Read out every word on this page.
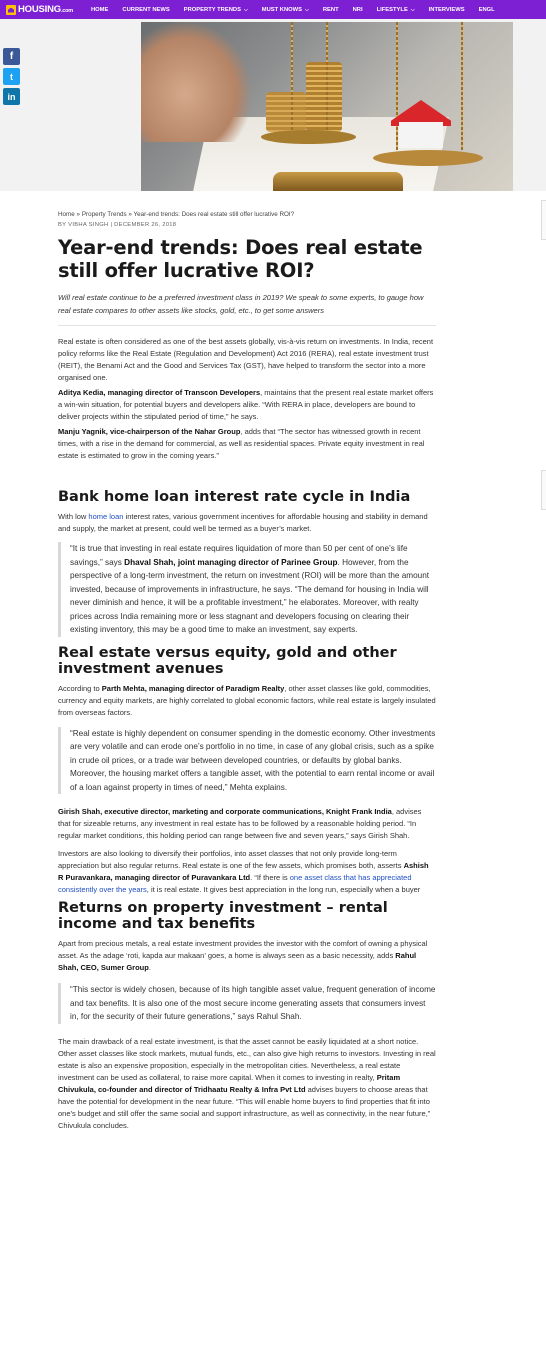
HOUSING.com	HOME CURRENT NEWS PROPERTY TRENDS ⌵ MUST KNOWS ⌵ RENT NRI LIFESTYLE ⌵ INTERVIEWS ENGL
f
t
in
Home » Property Trends » Year-end trends: Does real estate still offer lucrative ROI?
BY VIBHA SINGH | DECEMBER 26, 2018
Year-end trends: Does real estate still offer lucrative ROI?
Will real estate continue to be a preferred investment class in 2019? We speak to some experts, to gauge how real estate compares to other assets like stocks, gold, etc., to get some answers

Real estate is often considered as one of the best assets globally, vis-à-vis return on investments. In India, recent policy reforms like the Real Estate (Regulation and Development) Act 2016 (RERA), real estate investment trust (REIT), the Benami Act and the Good and Services Tax (GST), have helped to transform the sector into a more organised one.

Aditya Kedia, managing director of Transcon Developers, maintains that the present real estate market offers a win-win situation, for potential buyers and developers alike. “With RERA in place, developers are bound to deliver projects within the stipulated period of time,” he says.

Manju Yagnik, vice-chairperson of the Nahar Group, adds that “The sector has witnessed growth in recent times, with a rise in the demand for commercial, as well as residential spaces. Private equity investment in real estate is estimated to grow in the coming years.”

Bank home loan interest rate cycle in India

With low home loan interest rates, various government incentives for affordable housing and stability in demand and supply, the market at present, could well be termed as a buyer’s market.

“It is true that investing in real estate requires liquidation of more than 50 per cent of one’s life savings,” says Dhaval Shah, joint managing director of Parinee Group. However, from the perspective of a long-term investment, the return on investment (ROI) will be more than the amount invested, because of improvements in infrastructure, he says. “The demand for housing in India will never diminish and hence, it will be a profitable investment,” he elaborates. Moreover, with realty prices across India remaining more or less stagnant and developers focusing on clearing their existing inventory, this may be a good time to make an investment, say experts.
Real estate versus equity, gold and other investment avenues

According to Parth Mehta, managing director of Paradigm Realty, other asset classes like gold, commodities, currency and equity markets, are highly correlated to global economic factors, while real estate is largely insulated from overseas factors.

“Real estate is highly dependent on consumer spending in the domestic economy. Other investments are very volatile and can erode one’s portfolio in no time, in case of any global crisis, such as a spike in crude oil prices, or a trade war between developed countries, or defaults by global banks. Moreover, the housing market offers a tangible asset, with the potential to earn rental income or avail of a loan against property in times of need,” Mehta explains.

Girish Shah, executive director, marketing and corporate communications, Knight Frank India, advises that for sizeable returns, any investment in real estate has to be followed by a reasonable holding period. “In regular market conditions, this holding period can range between five and seven years,” says Girish Shah.

Investors are also looking to diversify their portfolios, into asset classes that not only provide long-term appreciation but also regular returns. Real estate is one of the few assets, which promises both, asserts Ashish R Puravankara, managing director of Puravankara Ltd. “If there is one asset class that has appreciated consistently over the years, it is real estate. It gives best appreciation in the long run, especially when a buyer

Returns on property investment – rental income and tax benefits

Apart from precious metals, a real estate investment provides the investor with the comfort of owning a physical asset. As the adage ‘roti, kapda aur makaan’ goes, a home is always seen as a basic necessity, adds Rahul Shah, CEO, Sumer Group.

“This sector is widely chosen, because of its high tangible asset value, frequent generation of income and tax benefits. It is also one of the most secure income generating assets that consumers invest in, for the security of their future generations,” says Rahul Shah.

The main drawback of a real estate investment, is that the asset cannot be easily liquidated at a short notice. Other asset classes like stock markets, mutual funds, etc., can also give high returns to investors. Investing in real estate is also an expensive proposition, especially in the metropolitan cities. Nevertheless, a real estate investment can be used as collateral, to raise more capital. When it comes to investing in realty, Pritam Chivukula, co-founder and director of Tridhaatu Realty & Infra Pvt Ltd advises buyers to choose areas that have the potential for development in the near future. “This will enable home buyers to find properties that fit into one’s budget and still offer the same social and support infrastructure, as well as connectivity, in the near future,” Chivukula concludes.
